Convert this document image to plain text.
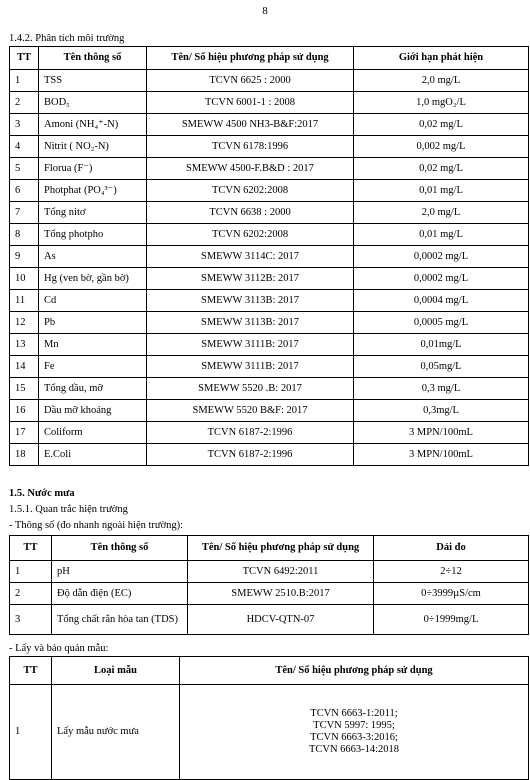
8
1.4.2. Phân tích môi trường
TT	Tên thông số	Tên/ Số hiệu phương pháp sử dụng	Giới hạn phát hiện
1	TSS	TCVN 6625 : 2000	2,0 mg/L
2	BOD₅	TCVN 6001-1 : 2008	1,0 mgO₂/L
3	Amoni (NH₄⁺-N)	SMEWW 4500 NH3-B&F:2017	0,02 mg/L
4	Nitrit ( NO₂-N)	TCVN 6178:1996	0,002 mg/L
5	Florua (F⁻)	SMEWW 4500-F.B&D : 2017	0,02 mg/L
6	Photphat (PO₄³⁻)	TCVN 6202:2008	0,01 mg/L
7	Tổng nitơ	TCVN 6638 : 2000	2,0 mg/L
8	Tổng photpho	TCVN 6202:2008	0,01 mg/L
9	As	SMEWW 3114C: 2017	0,0002 mg/L
10	Hg (ven bờ, gần bờ)	SMEWW 3112B: 2017	0,0002 mg/L
11	Cd	SMEWW 3113B: 2017	0,0004 mg/L
12	Pb	SMEWW 3113B: 2017	0,0005 mg/L
13	Mn	SMEWW 3111B: 2017	0,01mg/L
14	Fe	SMEWW 3111B: 2017	0,05mg/L
15	Tổng dầu, mỡ	SMEWW 5520 .B: 2017	0,3 mg/L
16	Dầu mỡ khoáng	SMEWW 5520 B&F: 2017	0,3mg/L
17	Coliform	TCVN 6187-2:1996	3 MPN/100mL
18	E.Coli	TCVN 6187-2:1996	3 MPN/100mL
1.5. Nước mưa
1.5.1. Quan trắc hiện trường
- Thông số (đo nhanh ngoài hiện trường):
TT	Tên thông số	Tên/ Số hiệu phương pháp sử dụng	Dải đo
1	pH	TCVN 6492:2011	2÷12
2	Độ dẫn điện (EC)	SMEWW 2510.B:2017	0÷3999µS/cm
3	Tổng chất rắn hòa tan (TDS)	HDCV-QTN-07	0÷1999mg/L
- Lấy và bảo quản mẫu:
TT	Loại mẫu	Tên/ Số hiệu phương pháp sử dụng
1	Lấy mẫu nước mưa	TCVN 6663-1:2011;
TCVN 5997: 1995;
TCVN 6663-3:2016;
TCVN 6663-14:2018
